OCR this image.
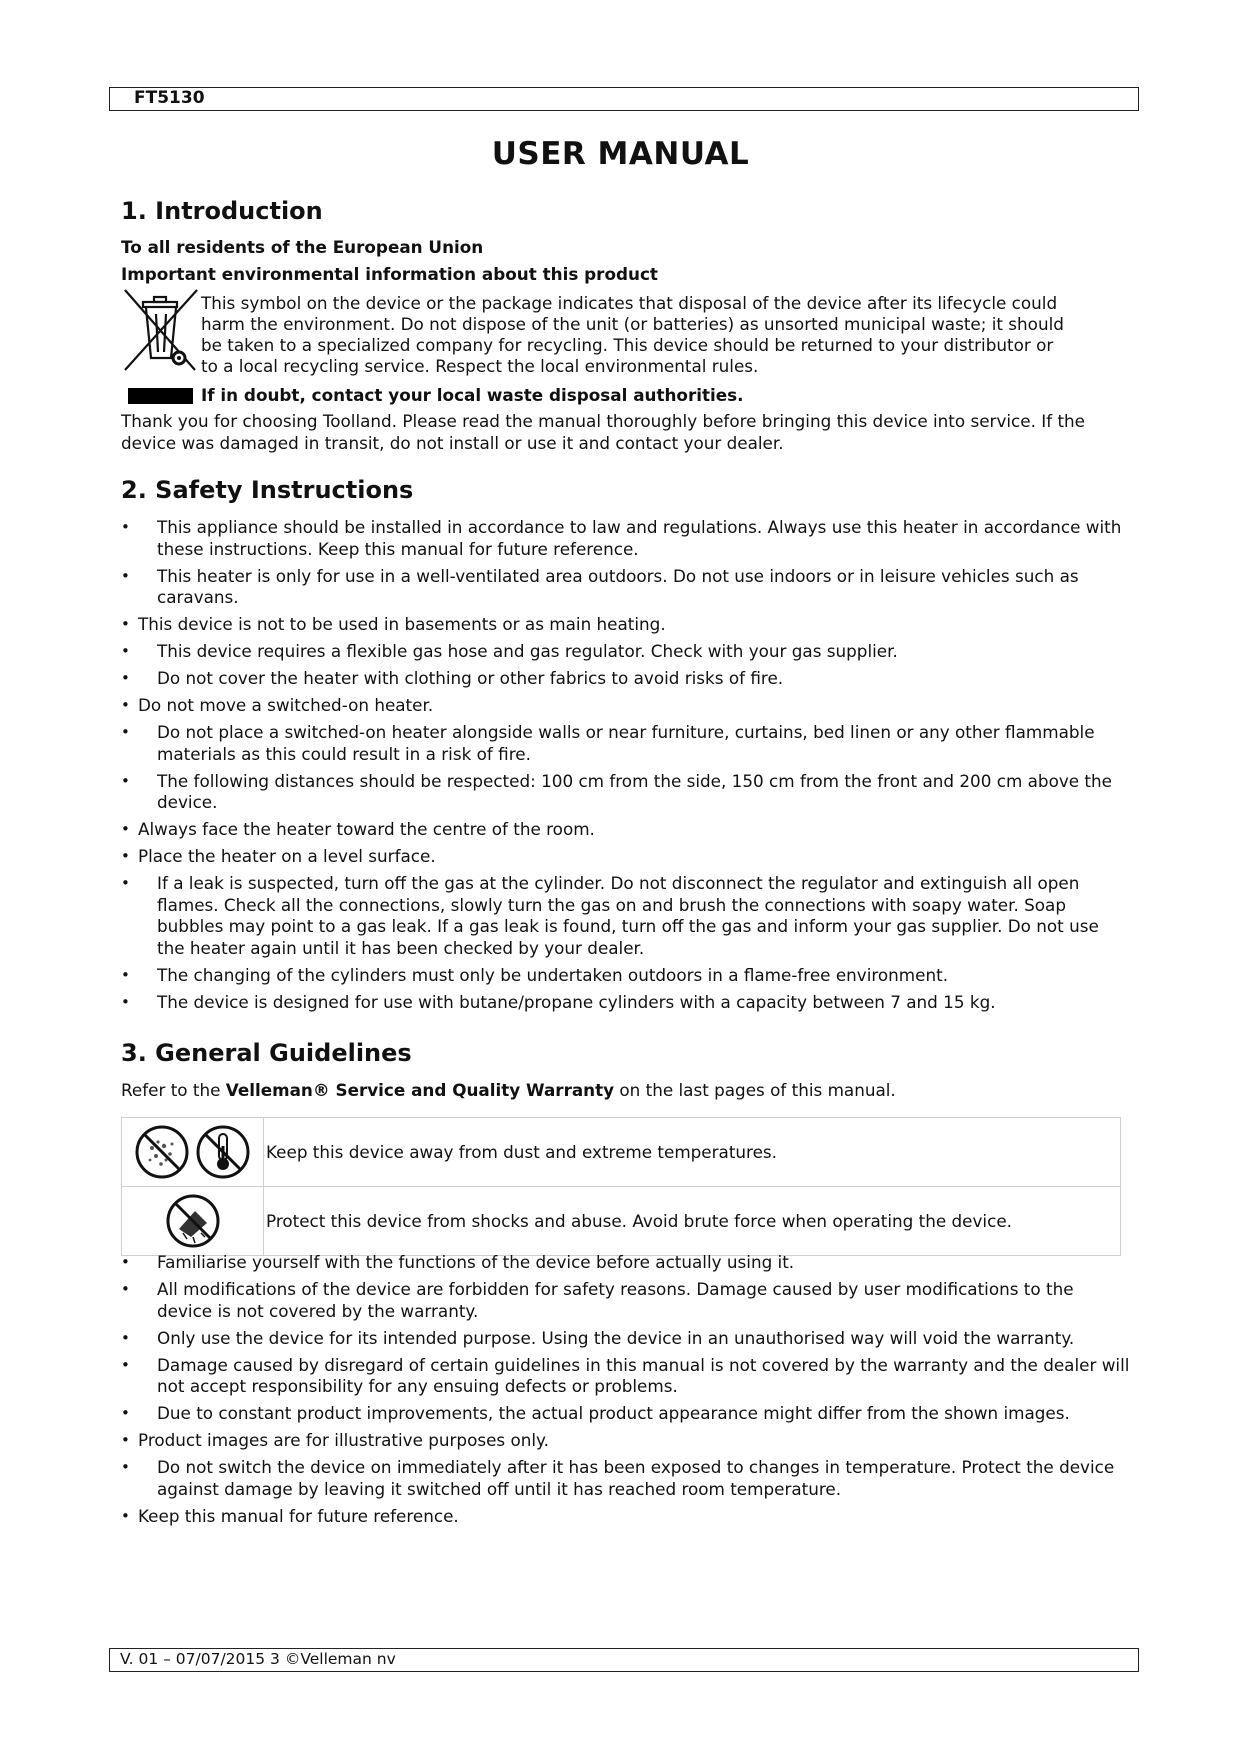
FT5130
USER MANUAL
1. Introduction
To all residents of the European Union
Important environmental information about this product
This symbol on the device or the package indicates that disposal of the device after its lifecycle could
harm the environment. Do not dispose of the unit (or batteries) as unsorted municipal waste; it should
be taken to a specialized company for recycling. This device should be returned to your distributor or
to a local recycling service. Respect the local environmental rules.
If in doubt, contact your local waste disposal authorities.
Thank you for choosing Toolland. Please read the manual thoroughly before bringing this device into service. If the device was damaged in transit, do not install or use it and contact your dealer.
2. Safety Instructions
• This appliance should be installed in accordance to law and regulations. Always use this heater in accordance with these instructions. Keep this manual for future reference.
• This heater is only for use in a well-ventilated area outdoors. Do not use indoors or in leisure vehicles such as caravans.
• This device is not to be used in basements or as main heating.
• This device requires a flexible gas hose and gas regulator. Check with your gas supplier.
• Do not cover the heater with clothing or other fabrics to avoid risks of fire.
• Do not move a switched-on heater.
• Do not place a switched-on heater alongside walls or near furniture, curtains, bed linen or any other flammable materials as this could result in a risk of fire.
• The following distances should be respected: 100 cm from the side, 150 cm from the front and 200 cm above the device.
• Always face the heater toward the centre of the room.
• Place the heater on a level surface.
• If a leak is suspected, turn off the gas at the cylinder. Do not disconnect the regulator and extinguish all open flames. Check all the connections, slowly turn the gas on and brush the connections with soapy water. Soap bubbles may point to a gas leak. If a gas leak is found, turn off the gas and inform your gas supplier. Do not use the heater again until it has been checked by your dealer.
• The changing of the cylinders must only be undertaken outdoors in a flame-free environment.
• The device is designed for use with butane/propane cylinders with a capacity between 7 and 15 kg.
3. General Guidelines
Refer to the Velleman® Service and Quality Warranty on the last pages of this manual.
	Keep this device away from dust and extreme temperatures.
	Protect this device from shocks and abuse. Avoid brute force when operating the device.
• Familiarise yourself with the functions of the device before actually using it.
• All modifications of the device are forbidden for safety reasons. Damage caused by user modifications to the device is not covered by the warranty.
• Only use the device for its intended purpose. Using the device in an unauthorised way will void the warranty.
• Damage caused by disregard of certain guidelines in this manual is not covered by the warranty and the dealer will not accept responsibility for any ensuing defects or problems.
• Due to constant product improvements, the actual product appearance might differ from the shown images.
• Product images are for illustrative purposes only.
• Do not switch the device on immediately after it has been exposed to changes in temperature. Protect the device against damage by leaving it switched off until it has reached room temperature.
• Keep this manual for future reference.
V. 01 – 07/07/2015 3 ©Velleman nv
